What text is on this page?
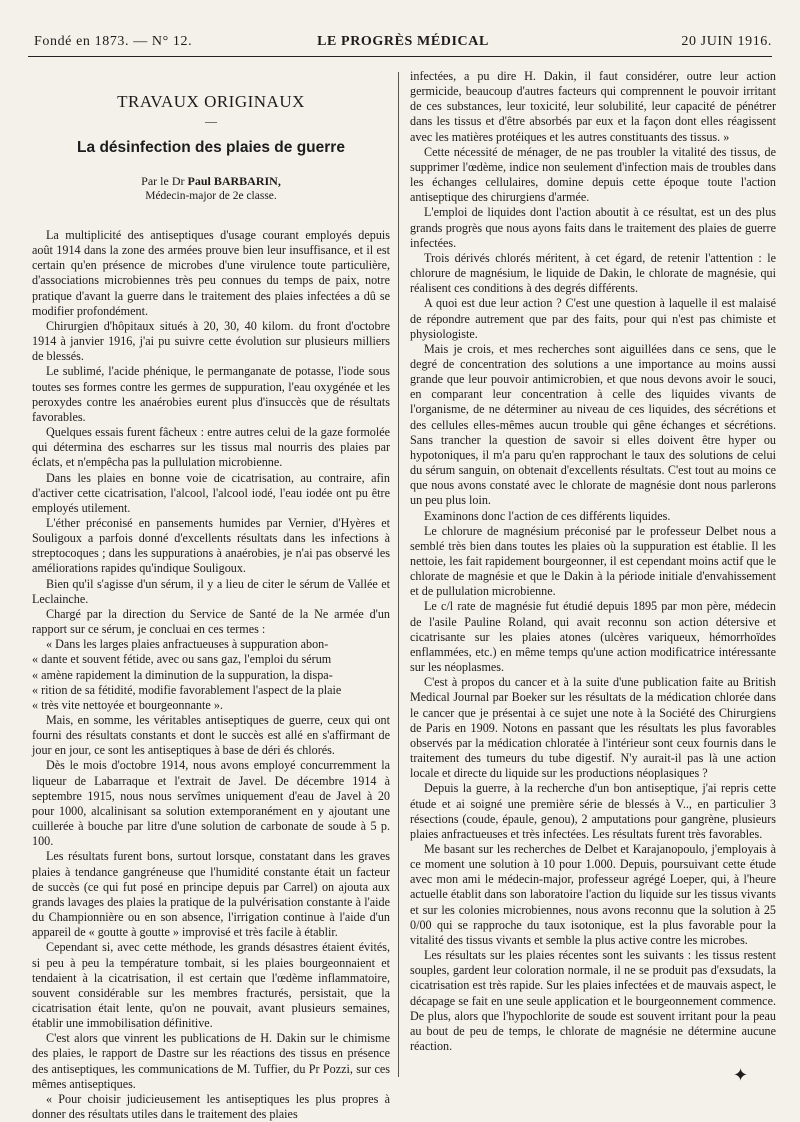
Fondé en 1873. — N° 12.	LE PROGRÈS MÉDICAL	20 JUIN 1916.
TRAVAUX ORIGINAUX
—
La désinfection des plaies de guerre
Par le Dr Paul BARBARIN,
Médecin-major de 2e classe.

La multiplicité des antiseptiques d'usage courant employés depuis août 1914 dans la zone des armées prouve bien leur insuffisance, et il est certain qu'en présence de microbes d'une virulence toute particulière, d'associations microbiennes très peu connues du temps de paix, notre pratique d'avant la guerre dans le traitement des plaies infectées a dû se modifier profondément.

Chirurgien d'hôpitaux situés à 20, 30, 40 kilom. du front d'octobre 1914 à janvier 1916, j'ai pu suivre cette évolution sur plusieurs milliers de blessés.

Le sublimé, l'acide phénique, le permanganate de potasse, l'iode sous toutes ses formes contre les germes de suppuration, l'eau oxygénée et les peroxydes contre les anaérobies eurent plus d'insuccès que de résultats favorables.

Quelques essais furent fâcheux : entre autres celui de la gaze formolée qui détermina des escharres sur les tissus mal nourris des plaies par éclats, et n'empêcha pas la pullulation microbienne.

Dans les plaies en bonne voie de cicatrisation, au contraire, afin d'activer cette cicatrisation, l'alcool, l'alcool iodé, l'eau iodée ont pu être employés utilement.

L'éther préconisé en pansements humides par Vernier, d'Hyères et Souligoux a parfois donné d'excellents résultats dans les infections à streptocoques ; dans les suppurations à anaérobies, je n'ai pas observé les améliorations rapides qu'indique Souligoux.

Bien qu'il s'agisse d'un sérum, il y a lieu de citer le sérum de Vallée et Leclainche.

Chargé par la direction du Service de Santé de la Ne armée d'un rapport sur ce sérum, je concluai en ces termes :

« Dans les larges plaies anfractueuses à suppuration abon-

« dante et souvent fétide, avec ou sans gaz, l'emploi du sérum

« amène rapidement la diminution de la suppuration, la dispa-

« rition de sa fétidité, modifie favorablement l'aspect de la plaie

« très vite nettoyée et bourgeonnante ».

Mais, en somme, les véritables antiseptiques de guerre, ceux qui ont fourni des résultats constants et dont le succès est allé en s'affirmant de jour en jour, ce sont les antiseptiques à base de déri és chlorés.

Dès le mois d'octobre 1914, nous avons employé concurremment la liqueur de Labarraque et l'extrait de Javel. De décembre 1914 à septembre 1915, nous nous servîmes uniquement d'eau de Javel à 20 pour 1000, alcalinisant sa solution extemporanément en y ajoutant une cuillerée à bouche par litre d'une solution de carbonate de soude à 5 p. 100.

Les résultats furent bons, surtout lorsque, constatant dans les graves plaies à tendance gangréneuse que l'humidité constante était un facteur de succès (ce qui fut posé en principe depuis par Carrel) on ajouta aux grands lavages des plaies la pratique de la pulvérisation constante à l'aide du Championnière ou en son absence, l'irrigation continue à l'aide d'un appareil de « goutte à goutte » improvisé et très facile à établir.

Cependant si, avec cette méthode, les grands désastres étaient évités, si peu à peu la température tombait, si les plaies bourgeonnaient et tendaient à la cicatrisation, il est certain que l'œdème inflammatoire, souvent considérable sur les membres fracturés, persistait, que la cicatrisation était lente, qu'on ne pouvait, avant plusieurs semaines, établir une immobilisation définitive.

C'est alors que vinrent les publications de H. Dakin sur le chimisme des plaies, le rapport de Dastre sur les réactions des tissus en présence des antiseptiques, les communications de M. Tuffier, du Pr Pozzi, sur ces mêmes antiseptiques.

« Pour choisir judicieusement les antiseptiques les plus propres à donner des résultats utiles dans le traitement des plaies

infectées, a pu dire H. Dakin, il faut considérer, outre leur action germicide, beaucoup d'autres facteurs qui comprennent le pouvoir irritant de ces substances, leur toxicité, leur solubilité, leur capacité de pénétrer dans les tissus et d'être absorbés par eux et la façon dont elles réagissent avec les matières protéiques et les autres constituants des tissus. »

Cette nécessité de ménager, de ne pas troubler la vitalité des tissus, de supprimer l'œdème, indice non seulement d'infection mais de troubles dans les échanges cellulaires, domine depuis cette époque toute l'action antiseptique des chirurgiens d'armée.

L'emploi de liquides dont l'action aboutit à ce résultat, est un des plus grands progrès que nous ayons faits dans le traitement des plaies de guerre infectées.

Trois dérivés chlorés méritent, à cet égard, de retenir l'attention : le chlorure de magnésium, le liquide de Dakin, le chlorate de magnésie, qui réalisent ces conditions à des degrés différents.

A quoi est due leur action ? C'est une question à laquelle il est malaisé de répondre autrement que par des faits, pour qui n'est pas chimiste et physiologiste.

Mais je crois, et mes recherches sont aiguillées dans ce sens, que le degré de concentration des solutions a une importance au moins aussi grande que leur pouvoir antimicrobien, et que nous devons avoir le souci, en comparant leur concentration à celle des liquides vivants de l'organisme, de ne déterminer au niveau de ces liquides, des sécrétions et des cellules elles-mêmes aucun trouble qui gêne échanges et sécrétions. Sans trancher la question de savoir si elles doivent être hyper ou hypotoniques, il m'a paru qu'en rapprochant le taux des solutions de celui du sérum sanguin, on obtenait d'excellents résultats. C'est tout au moins ce que nous avons constaté avec le chlorate de magnésie dont nous parlerons un peu plus loin.

Examinons donc l'action de ces différents liquides.

Le chlorure de magnésium préconisé par le professeur Delbet nous a semblé très bien dans toutes les plaies où la suppuration est établie. Il les nettoie, les fait rapidement bourgeonner, il est cependant moins actif que le chlorate de magnésie et que le Dakin à la période initiale d'envahissement et de pullulation microbienne.

Le c/l rate de magnésie fut étudié depuis 1895 par mon père, médecin de l'asile Pauline Roland, qui avait reconnu son action détersive et cicatrisante sur les plaies atones (ulcères variqueux, hémorrhoïdes enflammées, etc.) en même temps qu'une action modificatrice intéressante sur les néoplasmes.

C'est à propos du cancer et à la suite d'une publication faite au British Medical Journal par Boeker sur les résultats de la médication chlorée dans le cancer que je présentai à ce sujet une note à la Société des Chirurgiens de Paris en 1909. Notons en passant que les résultats les plus favorables observés par la médication chloratée à l'intérieur sont ceux fournis dans le traitement des tumeurs du tube digestif. N'y aurait-il pas là une action locale et directe du liquide sur les productions néoplasiques ?

Depuis la guerre, à la recherche d'un bon antiseptique, j'ai repris cette étude et ai soigné une première série de blessés à V.., en particulier 3 résections (coude, épaule, genou), 2 amputations pour gangrène, plusieurs plaies anfractueuses et très infectées. Les résultats furent très favorables.

Me basant sur les recherches de Delbet et Karajanopoulo, j'employais à ce moment une solution à 10 pour 1.000. Depuis, poursuivant cette étude avec mon ami le médecin-major, professeur agrégé Loeper, qui, à l'heure actuelle établit dans son laboratoire l'action du liquide sur les tissus vivants et sur les colonies microbiennes, nous avons reconnu que la solution à 25 0/00 qui se rapproche du taux isotonique, est la plus favorable pour la vitalité des tissus vivants et semble la plus active contre les microbes.

Les résultats sur les plaies récentes sont les suivants : les tissus restent souples, gardent leur coloration normale, il ne se produit pas d'exsudats, la cicatrisation est très rapide. Sur les plaies infectées et de mauvais aspect, le décapage se fait en une seule application et le bourgeonnement commence. De plus, alors que l'hypochlorite de soude est souvent irritant pour la peau au bout de peu de temps, le chlorate de magnésie ne détermine aucune réaction.

✦
